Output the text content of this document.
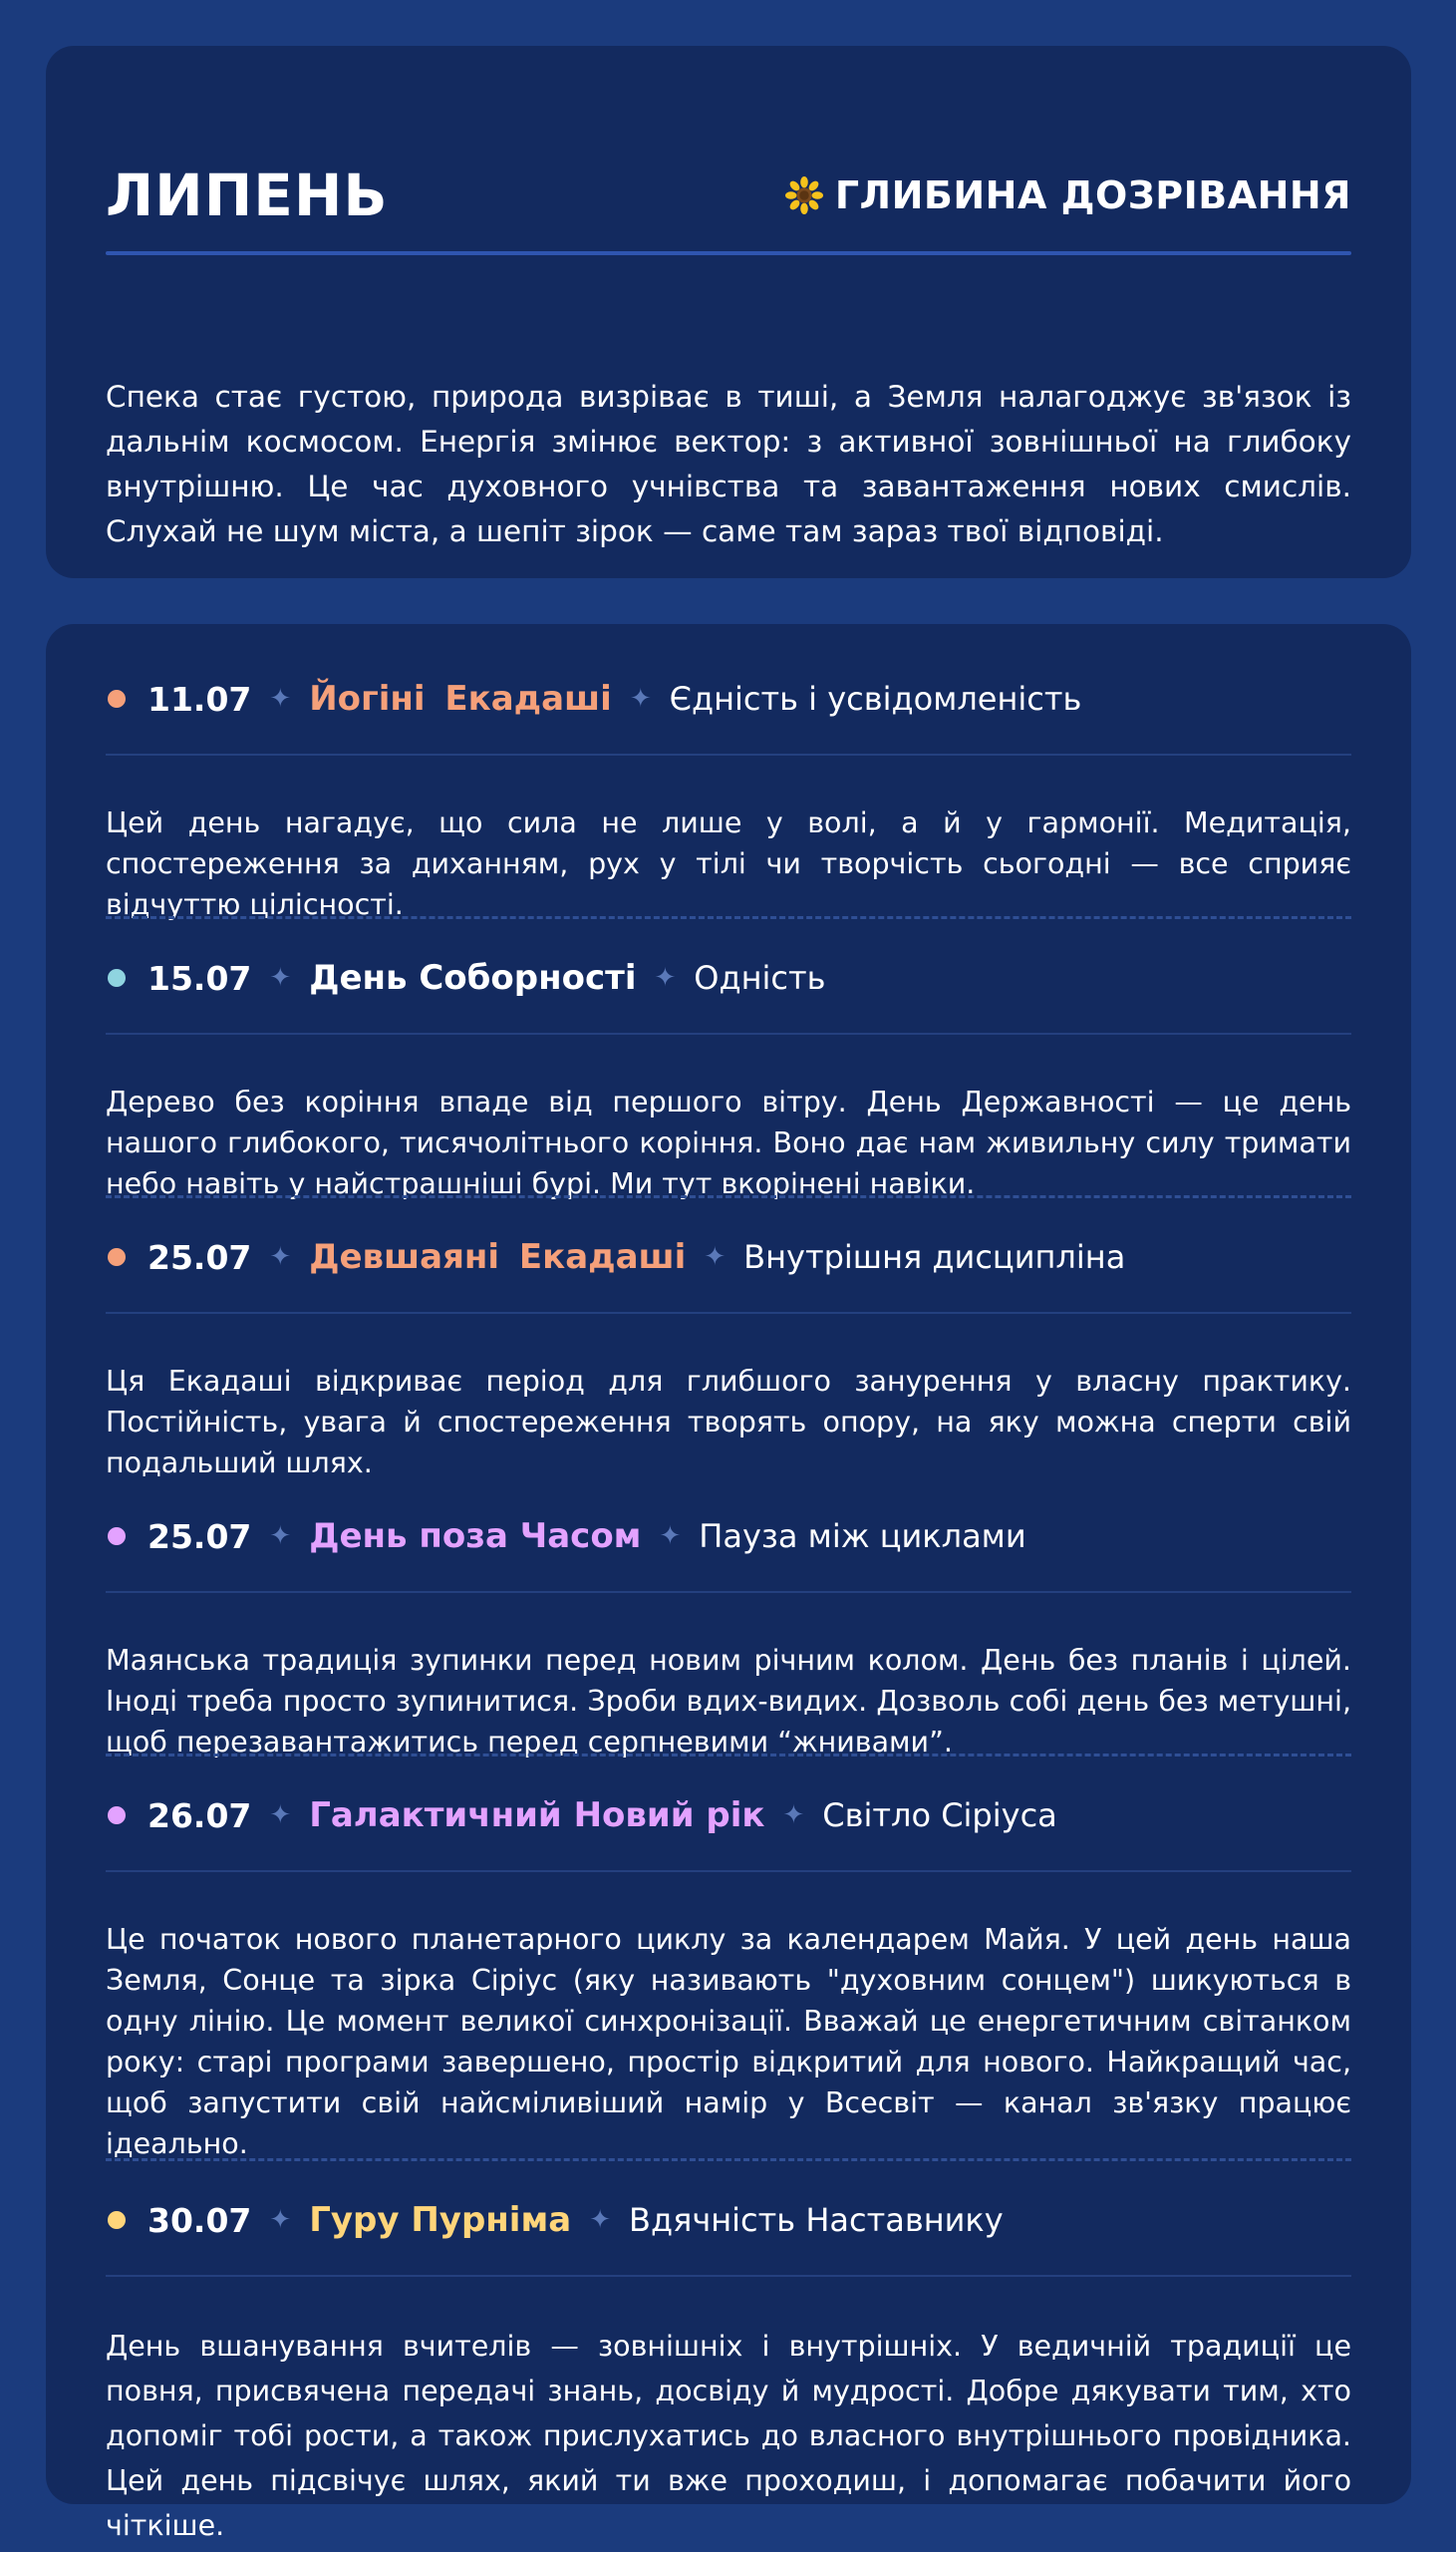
ЛИПЕНЬ	ГЛИБИНА ДОЗРІВАННЯ

Спека стає густою, природа визріває в тиші, а Земля налагоджує зв'язок із дальнім космосом. Енергія змінює вектор: з активної зовнішньої на глибоку внутрішню. Це час духовного учнівства та завантаження нових смислів. Слухай не шум міста, а шепіт зірок — саме там зараз твої відповіді.

11.07 ✦ Йогіні Екадаші ✦ Єдність і усвідомленість

Цей день нагадує, що сила не лише у волі, а й у гармонії. Медитація, спостереження за диханням, рух у тілі чи творчість сьогодні — все сприяє відчуттю цілісності.

15.07 ✦ День Соборності ✦ Одність

Дерево без коріння впаде від першого вітру. День Державності — це день нашого глибокого, тисячолітнього коріння. Воно дає нам живильну силу тримати небо навіть у найстрашніші бурі. Ми тут вкорінені навіки.

25.07 ✦ Девшаяні Екадаші ✦ Внутрішня дисципліна

Ця Екадаші відкриває період для глибшого занурення у власну практику. Постійність, увага й спостереження творять опору, на яку можна сперти свій подальший шлях.

25.07 ✦ День поза Часом ✦ Пауза між циклами

Маянська традиція зупинки перед новим річним колом. День без планів і цілей. Іноді треба просто зупинитися. Зроби вдих-видих. Дозволь собі день без метушні, щоб перезавантажитись перед серпневими “жнивами”.

26.07 ✦ Галактичний Новий рік ✦ Світло Сіріуса

Це початок нового планетарного циклу за календарем Майя. У цей день наша Земля, Сонце та зірка Сіріус (яку називають "духовним сонцем") шикуються в одну лінію. Це момент великої синхронізації. Вважай це енергетичним світанком року: старі програми завершено, простір відкритий для нового. Найкращий час, щоб запустити свій найсміливіший намір у Всесвіт — канал зв'язку працює ідеально.

30.07 ✦ Гуру Пурніма ✦ Вдячність Наставнику

День вшанування вчителів — зовнішніх і внутрішніх. У ведичній традиції це повня, присвячена передачі знань, досвіду й мудрості. Добре дякувати тим, хто допоміг тобі рости, а також прислухатись до власного внутрішнього провідника. Цей день підсвічує шлях, який ти вже проходиш, і допомагає побачити його чіткіше.
